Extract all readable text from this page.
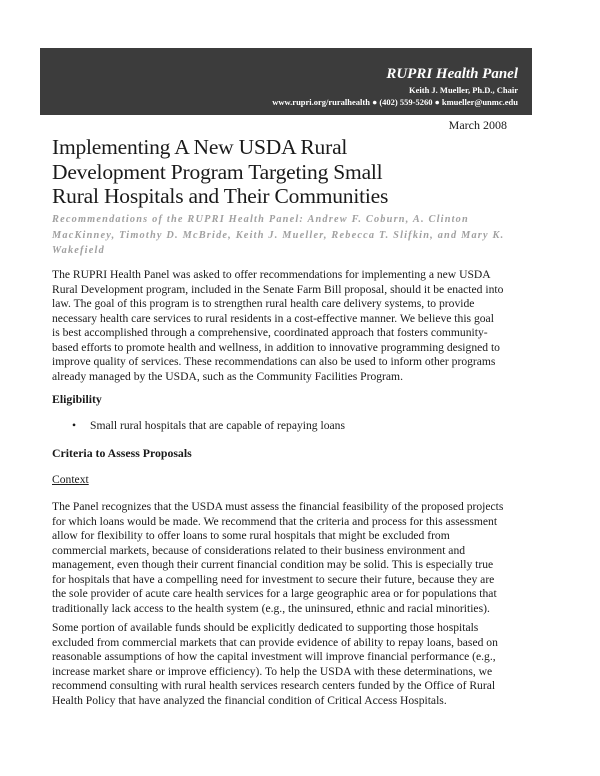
RUPRI Health Panel
Keith J. Mueller, Ph.D., Chair
www.rupri.org/ruralhealth ● (402) 559-5260 ● kmueller@unmc.edu
March 2008
Implementing A New USDA Rural
Development Program Targeting Small
Rural Hospitals and Their Communities
Recommendations of the RUPRI Health Panel: Andrew F. Coburn, A. Clinton
MacKinney, Timothy D. McBride, Keith J. Mueller, Rebecca T. Slifkin, and Mary K.
Wakefield
The RUPRI Health Panel was asked to offer recommendations for implementing a new USDA
Rural Development program, included in the Senate Farm Bill proposal, should it be enacted into
law. The goal of this program is to strengthen rural health care delivery systems, to provide
necessary health care services to rural residents in a cost-effective manner. We believe this goal
is best accomplished through a comprehensive, coordinated approach that fosters community-
based efforts to promote health and wellness, in addition to innovative programming designed to
improve quality of services. These recommendations can also be used to inform other programs
already managed by the USDA, such as the Community Facilities Program.
Eligibility
• Small rural hospitals that are capable of repaying loans
Criteria to Assess Proposals
Context
The Panel recognizes that the USDA must assess the financial feasibility of the proposed projects
for which loans would be made. We recommend that the criteria and process for this assessment
allow for flexibility to offer loans to some rural hospitals that might be excluded from
commercial markets, because of considerations related to their business environment and
management, even though their current financial condition may be solid. This is especially true
for hospitals that have a compelling need for investment to secure their future, because they are
the sole provider of acute care health services for a large geographic area or for populations that
traditionally lack access to the health system (e.g., the uninsured, ethnic and racial minorities).
Some portion of available funds should be explicitly dedicated to supporting those hospitals
excluded from commercial markets that can provide evidence of ability to repay loans, based on
reasonable assumptions of how the capital investment will improve financial performance (e.g.,
increase market share or improve efficiency). To help the USDA with these determinations, we
recommend consulting with rural health services research centers funded by the Office of Rural
Health Policy that have analyzed the financial condition of Critical Access Hospitals.
